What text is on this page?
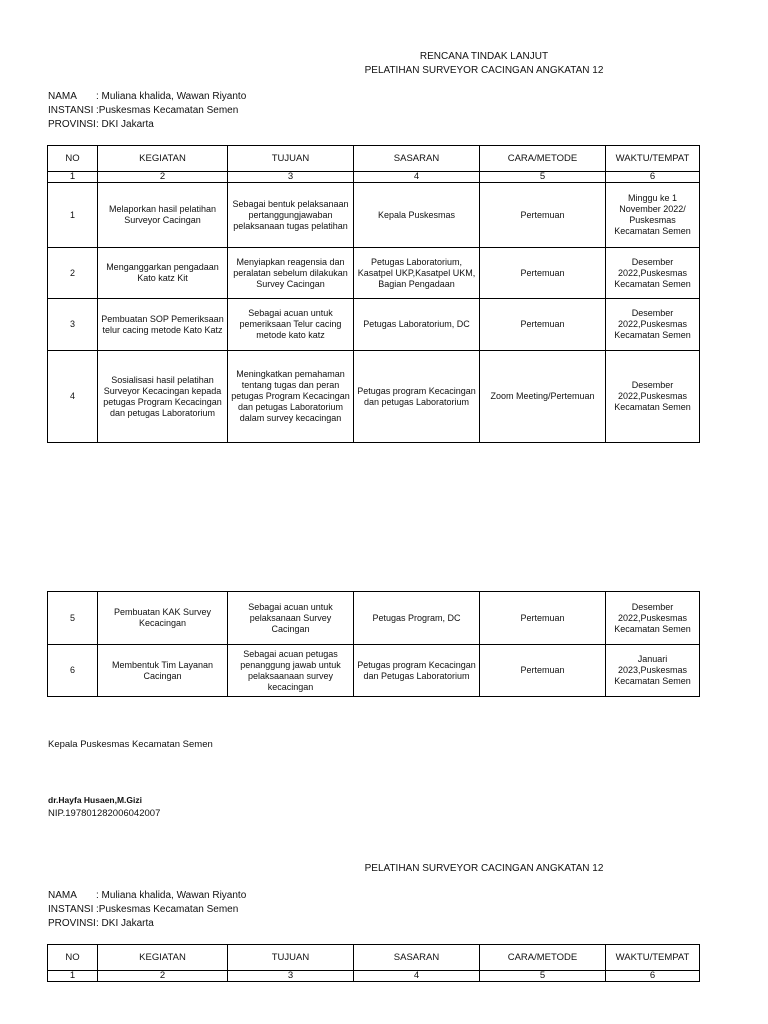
RENCANA TINDAK LANJUT
PELATIHAN SURVEYOR CACINGAN ANGKATAN 12
NAMA : Muliana khalida, Wawan Riyanto
INSTANSI :Puskesmas Kecamatan Semen
PROVINSI: DKI Jakarta
NO	KEGIATAN	TUJUAN	SASARAN	CARA/METODE	WAKTU/TEMPAT
1	2	3	4	5	6
1	Melaporkan hasil pelatihan Surveyor Cacingan	Sebagai bentuk pelaksanaan pertanggungjawaban pelaksanaan tugas pelatihan	Kepala Puskesmas	Pertemuan	Minggu ke 1 November 2022/ Puskesmas Kecamatan Semen
2	Menganggarkan pengadaan Kato katz Kit	Menyiapkan reagensia dan peralatan sebelum dilakukan Survey Cacingan	Petugas Laboratorium, Kasatpel UKP,Kasatpel UKM, Bagian Pengadaan	Pertemuan	Desember 2022,Puskesmas Kecamatan Semen
3	Pembuatan SOP Pemeriksaan telur cacing metode Kato Katz	Sebagai acuan untuk pemeriksaan Telur cacing metode kato katz	Petugas Laboratorium, DC	Pertemuan	Desember 2022,Puskesmas Kecamatan Semen
4	Sosialisasi hasil pelatihan Surveyor Kecacingan kepada petugas Program Kecacingan dan petugas Laboratorium	Meningkatkan pemahaman tentang tugas dan peran petugas Program Kecacingan dan petugas Laboratorium dalam survey kecacingan	Petugas program Kecacingan dan petugas Laboratorium	Zoom Meeting/Pertemuan	Desember 2022,Puskesmas Kecamatan Semen
5	Pembuatan KAK Survey Kecacingan	Sebagai acuan untuk pelaksanaan Survey Cacingan	Petugas Program, DC	Pertemuan	Desember 2022,Puskesmas Kecamatan Semen
6	Membentuk Tim Layanan Cacingan	Sebagai acuan petugas penanggung jawab untuk pelaksaanaan survey kecacingan	Petugas program Kecacingan dan Petugas Laboratorium	Pertemuan	Januari 2023,Puskesmas Kecamatan Semen
Kepala Puskesmas Kecamatan Semen
dr.Hayfa Husaen,M.Gizi
NIP.197801282006042007
PELATIHAN SURVEYOR CACINGAN ANGKATAN 12
NAMA : Muliana khalida, Wawan Riyanto
INSTANSI :Puskesmas Kecamatan Semen
PROVINSI: DKI Jakarta
NO	KEGIATAN	TUJUAN	SASARAN	CARA/METODE	WAKTU/TEMPAT
1	2	3	4	5	6
